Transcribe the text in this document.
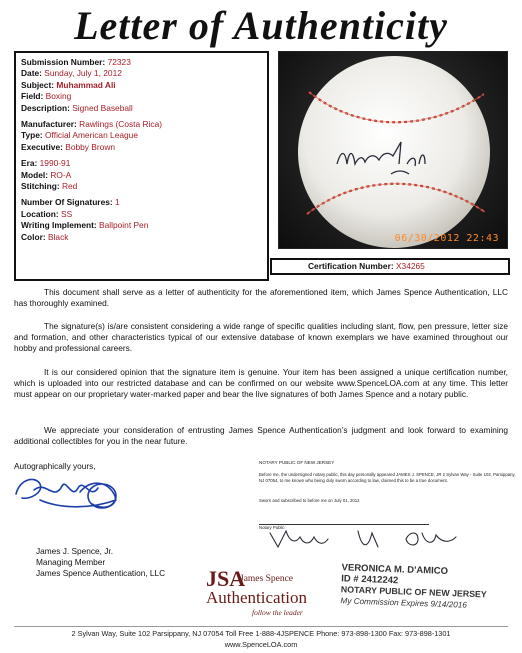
Letter of Authenticity
Submission Number: 72323
Date: Sunday, July 1, 2012
Subject: Muhammad Ali
Field: Boxing
Description: Signed Baseball
Manufacturer: Rawlings (Costa Rica)
Type: Official American League
Executive: Bobby Brown
Era: 1990-91
Model: RO-A
Stitching: Red
Number Of Signatures: 1
Location: SS
Writing Implement: Ballpoint Pen
Color: Black	06/30/2012 22:43
Certification Number: X34265
This document shall serve as a letter of authenticity for the aforementioned item, which James Spence Authentication, LLC has thoroughly examined.
The signature(s) is/are consistent considering a wide range of specific qualities including slant, flow, pen pressure, letter size and formation, and other characteristics typical of our extensive database of known exemplars we have examined throughout our hobby and professional careers.
It is our considered opinion that the signature item is genuine. Your item has been assigned a unique certification number, which is uploaded into our restricted database and can be confirmed on our website www.SpenceLOA.com at any time. This letter must appear on our proprietary water-marked paper and bear the live signatures of both James Spence and a notary public.
We appreciate your consideration of entrusting James Spence Authentication’s judgment and look forward to examining additional collectibles for you in the near future.
Autographically yours,
James J. Spence, Jr.
Managing Member
James Spence Authentication, LLC
NOTARY PUBLIC OF NEW JERSEY
Before me, the undersigned notary public, this day personally appeared JAMES J. SPENCE, JR 2 Sylvan Way - Suite 102, Parsippany, NJ 07054, to me known who being duly sworn according to law, claimed this to be a true document.
Sworn and subscribed to before me on July 01, 2012
Notary Public
VERONICA M. D'AMICO
ID # 2412242
NOTARY PUBLIC OF NEW JERSEY
My Commission Expires 9/14/2016
JSA
James Spence
Authentication
follow the leader
2 Sylvan Way, Suite 102 Parsippany, NJ 07054 Toll Free 1-888-4JSPENCE Phone: 973-898-1300 Fax: 973-898-1301
www.SpenceLOA.com
